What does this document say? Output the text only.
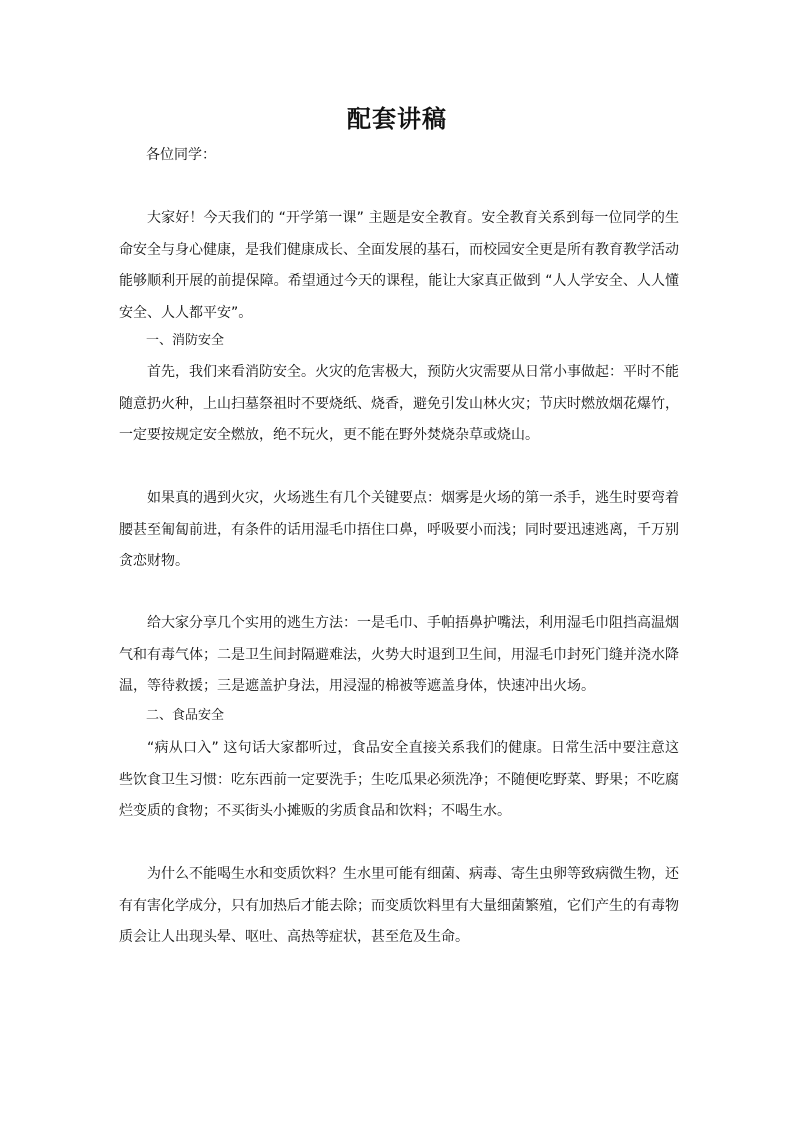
配套讲稿

各位同学：

大家好！今天我们的 “开学第一课” 主题是安全教育。安全教育关系到每一位同学的生命安全与身心健康，是我们健康成长、全面发展的基石，而校园安全更是所有教育教学活动能够顺利开展的前提保障。希望通过今天的课程，能让大家真正做到 “人人学安全、人人懂安全、人人都平安”。

一、消防安全

首先，我们来看消防安全。火灾的危害极大，预防火灾需要从日常小事做起：平时不能随意扔火种，上山扫墓祭祖时不要烧纸、烧香，避免引发山林火灾；节庆时燃放烟花爆竹，一定要按规定安全燃放，绝不玩火，更不能在野外焚烧杂草或烧山。

如果真的遇到火灾，火场逃生有几个关键要点：烟雾是火场的第一杀手，逃生时要弯着腰甚至匍匐前进，有条件的话用湿毛巾捂住口鼻，呼吸要小而浅；同时要迅速逃离，千万别贪恋财物。

给大家分享几个实用的逃生方法：一是毛巾、手帕捂鼻护嘴法，利用湿毛巾阻挡高温烟气和有毒气体；二是卫生间封隔避难法，火势大时退到卫生间，用湿毛巾封死门缝并浇水降温，等待救援；三是遮盖护身法，用浸湿的棉被等遮盖身体，快速冲出火场。

二、食品安全

“病从口入” 这句话大家都听过，食品安全直接关系我们的健康。日常生活中要注意这些饮食卫生习惯：吃东西前一定要洗手；生吃瓜果必须洗净；不随便吃野菜、野果；不吃腐烂变质的食物；不买街头小摊贩的劣质食品和饮料；不喝生水。

为什么不能喝生水和变质饮料？生水里可能有细菌、病毒、寄生虫卵等致病微生物，还有有害化学成分，只有加热后才能去除；而变质饮料里有大量细菌繁殖，它们产生的有毒物质会让人出现头晕、呕吐、高热等症状，甚至危及生命。
